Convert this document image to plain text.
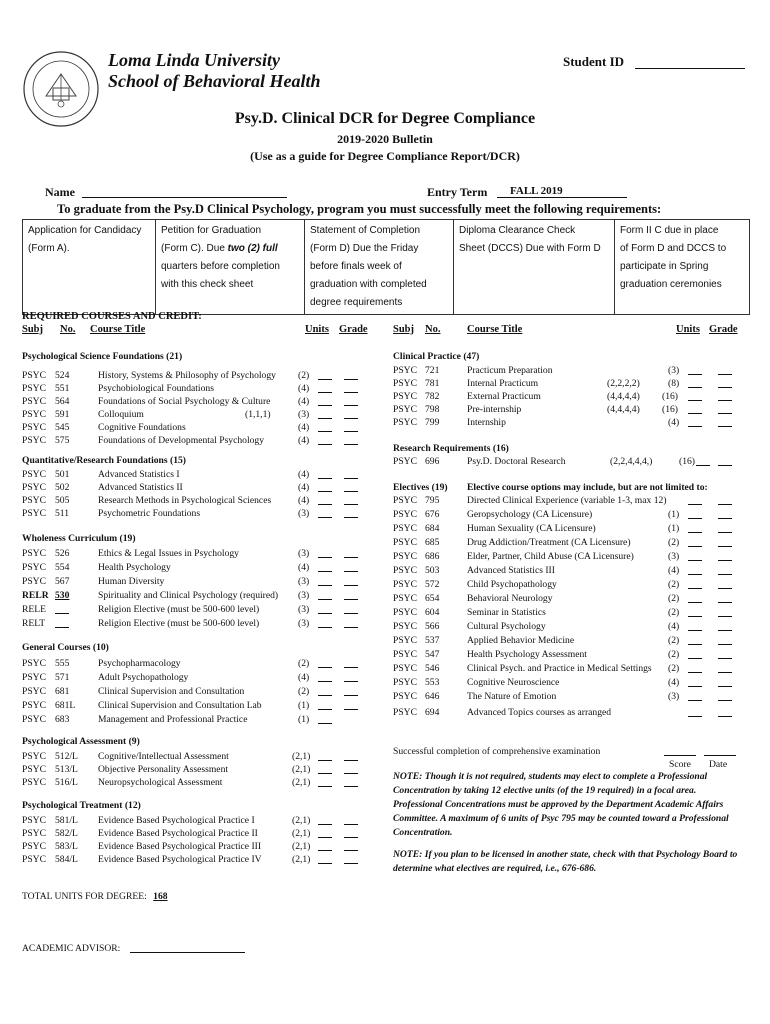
Loma Linda University
School of Behavioral Health
Student ID
Psy.D. Clinical DCR for Degree Compliance
2019-2020 Bulletin
(Use as a guide for Degree Compliance Report/DCR)
Name	Entry Term FALL 2019
To graduate from the Psy.D Clinical Psychology, program you must successfully meet the following requirements:
Application for Candidacy
(Form A).

Petition for Graduation
(Form C). Due two (2) full
quarters before completion
with this check sheet

Statement of Completion
(Form D) Due the Friday
before finals week of
graduation with completed
degree requirements

Diploma Clearance Check
Sheet (DCCS) Due with Form D

Form II C due in place
of Form D and DCCS to
participate in Spring
graduation ceremonies
REQUIRED COURSES AND CREDIT:
Subj No. Course Title	Units Grade Subj No.	Course Title	Units Grade
Psychological Science Foundations (21)
PSYC 524	History, Systems & Philosophy of Psychology (2)
PSYC 551	Psychobiological Foundations	(4)
PSYC 564	Foundations of Social Psychology & Culture	(4)
PSYC 591	Colloquium	(1,1,1)	(3)
PSYC 545	Cognitive Foundations	(4)
PSYC 575	Foundations of Developmental Psychology	(4)
Quantitative/Research Foundations (15)
PSYC 501	Advanced Statistics I	(4)
PSYC 502	Advanced Statistics II	(4)
PSYC 505	Research Methods in Psychological Sciences	(4)
PSYC 511	Psychometric Foundations	(3)
Wholeness Curriculum (19)
PSYC 526	Ethics & Legal Issues in Psychology	(3)
PSYC 554	Health Psychology	(4)
PSYC 567	Human Diversity	(3)
RELR 530	Spirituality and Clinical Psychology (required) (3)
RELE	Religion Elective (must be 500-600 level)	(3)
RELT	Religion Elective (must be 500-600 level)	(3)
General Courses (10)
PSYC 555	Psychopharmacology	(2)
PSYC 571	Adult Psychopathology	(4)
PSYC 681	Clinical Supervision and Consultation	(2)
PSYC 681L Clinical Supervision and Consultation Lab	(1)
PSYC 683	Management and Professional Practice	(1)
Psychological Assessment (9)
PSYC 512/L Cognitive/Intellectual Assessment	(2,1)
PSYC 513/L Objective Personality Assessment	(2,1)
PSYC 516/L Neuropsychological Assessment	(2,1)
Psychological Treatment (12)
PSYC 581/L Evidence Based Psychological Practice I	(2,1)
PSYC 582/L Evidence Based Psychological Practice II	(2,1)
PSYC 583/L Evidence Based Psychological Practice III	(2,1)
PSYC 584/L Evidence Based Psychological Practice IV	(2,1)
Clinical Practice (47)
PSYC 721	Practicum Preparation	(3)
PSYC 781	Internal Practicum	(2,2,2,2)	(8)
PSYC 782	External Practicum	(4,4,4,4) (16)
PSYC 798	Pre-internship	(4,4,4,4) (16)
PSYC 799	Internship	(4)
Research Requirements (16)
PSYC 696	Psy.D. Doctoral Research	(2,2,4,4,4,)	(16)
Electives (19) Elective course options may include, but are not limited to:
PSYC 795	Directed Clinical Experience (variable 1-3, max 12)
PSYC 676	Geropsychology (CA Licensure)	(1)
PSYC 684	Human Sexuality (CA Licensure)	(1)
PSYC 685	Drug Addiction/Treatment (CA Licensure)	(2)
PSYC 686	Elder, Partner, Child Abuse (CA Licensure)	(3)
PSYC 503	Advanced Statistics III	(4)
PSYC 572	Child Psychopathology	(2)
PSYC 654	Behavioral Neurology	(2)
PSYC 604	Seminar in Statistics	(2)
PSYC 566	Cultural Psychology	(4)
PSYC 537	Applied Behavior Medicine	(2)
PSYC 547	Health Psychology Assessment	(2)
PSYC 546	Clinical Psych. and Practice in Medical Settings (2)
PSYC 553	Cognitive Neuroscience	(4)
PSYC 646	The Nature of Emotion	(3)
PSYC 694	Advanced Topics courses as arranged
Successful completion of comprehensive examination
Score Date
NOTE: Though it is not required, students may elect to complete a Professional Concentration by taking 12 elective units (of the 19 required) in a focal area. Professional Concentrations must be approved by the Department Academic Affairs Committee. A maximum of 6 units of Psyc 795 may be counted toward a Professional Concentration.
NOTE: If you plan to be licensed in another state, check with that Psychology Board to determine what electives are required, i.e., 676-686.
TOTAL UNITS FOR DEGREE: 168
ACADEMIC ADVISOR:
